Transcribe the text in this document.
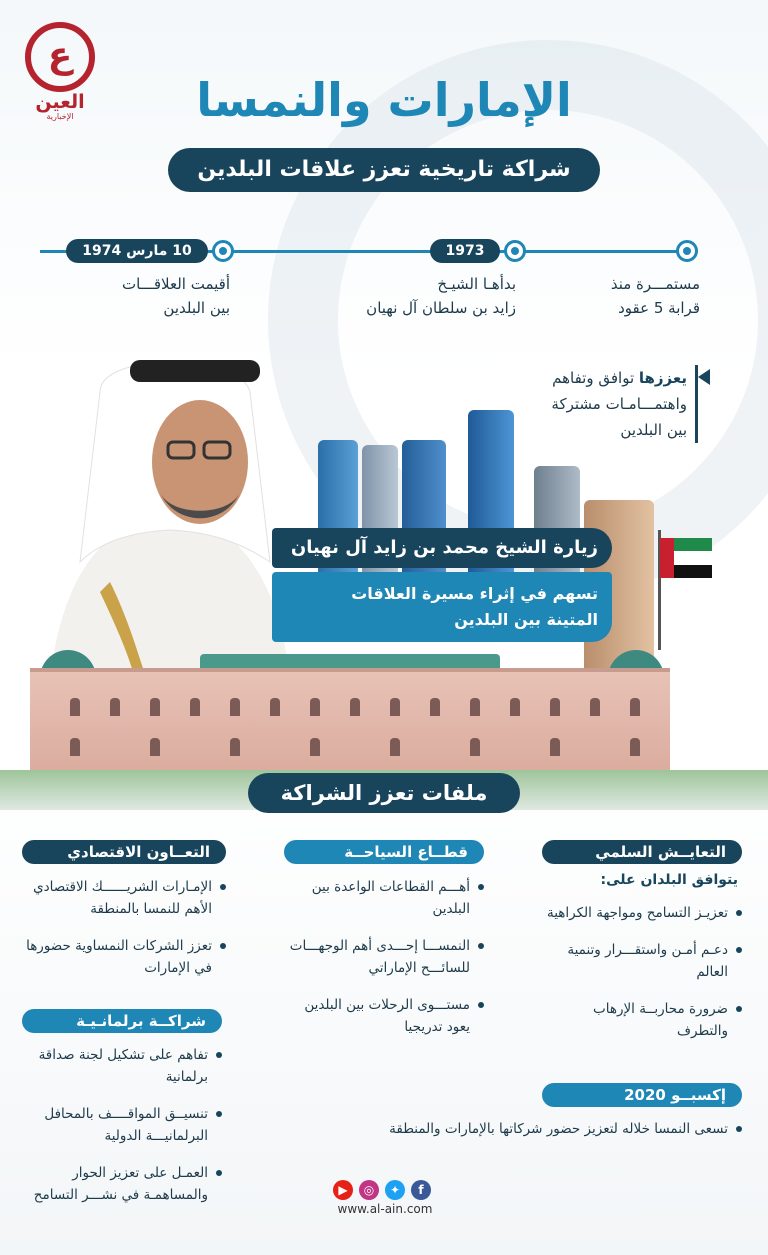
ع
العين
الإخبارية	الإمارات والنمسا
شراكة تاريخية تعزز علاقات البلدين
1973
10 مارس 1974
مستمـــرة منذ
قرابة 5 عقود
بدأهـا الشيـخ
زايد بن سلطان آل نهيان
أقيمت العلاقـــات
بين البلدين
يعززها توافق وتفاهم
واهتمـــامـات مشتركة
بين البلدين
زيارة الشيخ محمد بن زايد آل نهيان
تسهم في إثراء مسيرة العلاقات
المتينة بين البلدين
ملفات تعزز الشراكة
التعايــش السلمي
يتوافق البلدان على:
تعزيـز التسامح ومواجهة الكراهية
دعـم أمـن واستقـــرار وتنمية العالم
ضرورة محاربــة الإرهاب والتطرف
قطــاع السياحــة
أهـــم القطاعات الواعدة بين البلدين
النمســـا إحـــدى أهم الوجهـــات للسائـــح الإماراتي
مستـــوى الرحلات بين البلدين يعود تدريجيا
التعــاون الاقتصادي
الإمـارات الشريــــــك الاقتصادي الأهم للنمسا بالمنطقة
تعزز الشركات النمساوية حضورها في الإمارات
شراكــة برلمانـيـة
تفاهم على تشكيل لجنة صداقة برلمانية
تنسيــق المواقــــف بالمحافل البرلمانيـــة الدولية
العمـل على تعزيز الحوار والمساهمـة في نشـــر التسامح
إكسبــو 2020
تسعى النمسا خلاله لتعزيز حضور شركاتها بالإمارات والمنطقة
▶	◎	✦	f
www.al-ain.com
